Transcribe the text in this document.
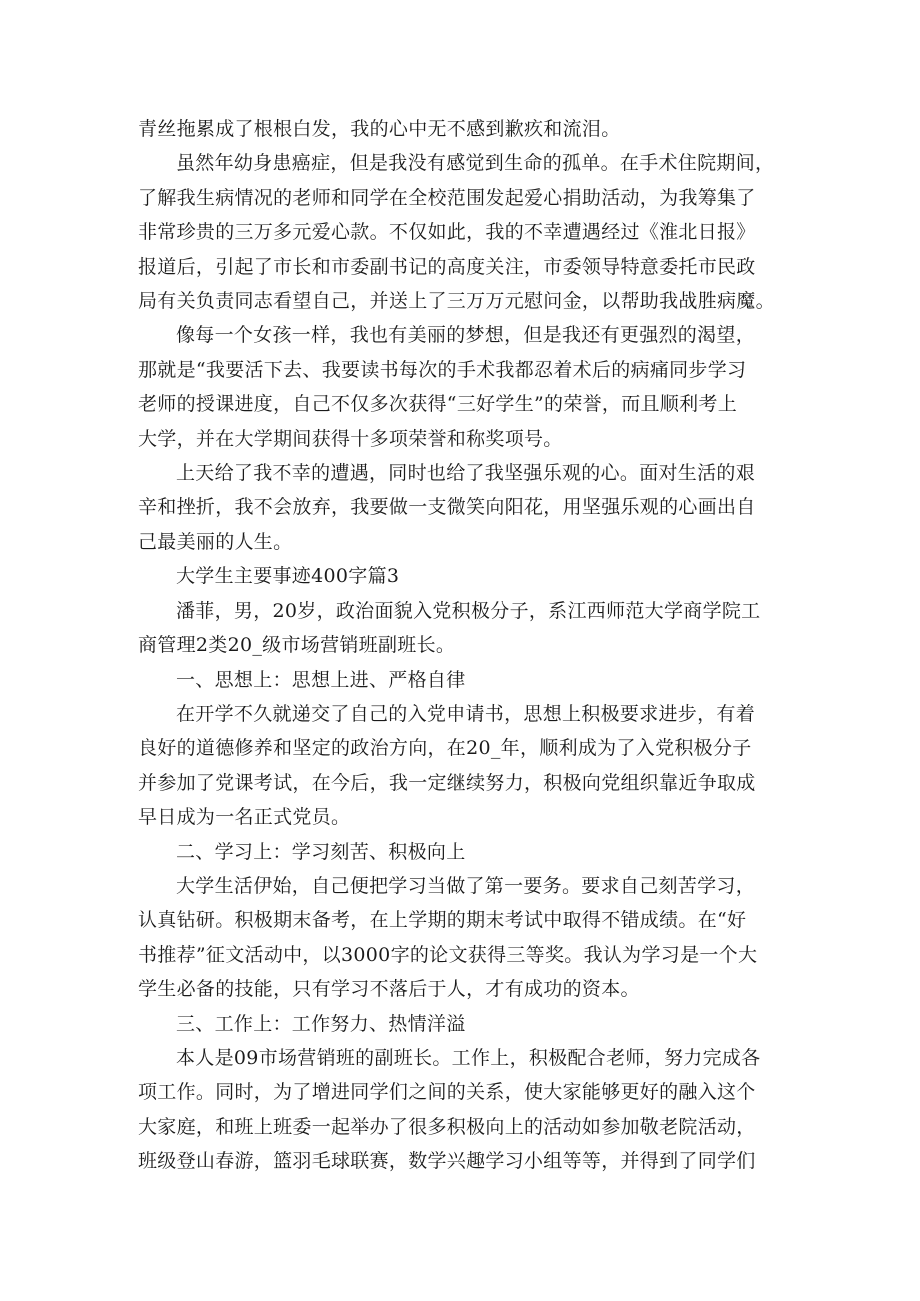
青丝拖累成了根根白发，我的心中无不感到歉疚和流泪。
虽然年幼身患癌症，但是我没有感觉到生命的孤单。在手术住院期间，
了解我生病情况的老师和同学在全校范围发起爱心捐助活动，为我筹集了
非常珍贵的三万多元爱心款。不仅如此，我的不幸遭遇经过《淮北日报》
报道后，引起了市长和市委副书记的高度关注，市委领导特意委托市民政
局有关负责同志看望自己，并送上了三万万元慰问金，以帮助我战胜病魔。
像每一个女孩一样，我也有美丽的梦想，但是我还有更强烈的渴望，
那就是“我要活下去、我要读书每次的手术我都忍着术后的病痛同步学习
老师的授课进度，自己不仅多次获得“三好学生”的荣誉，而且顺利考上
大学，并在大学期间获得十多项荣誉和称奖项号。
上天给了我不幸的遭遇，同时也给了我坚强乐观的心。面对生活的艰
辛和挫折，我不会放弃，我要做一支微笑向阳花，用坚强乐观的心画出自
己最美丽的人生。
大学生主要事迹400字篇3
潘菲，男，20岁，政治面貌入党积极分子，系江西师范大学商学院工
商管理2类20_级市场营销班副班长。
一、思想上：思想上进、严格自律
在开学不久就递交了自己的入党申请书，思想上积极要求进步，有着
良好的道德修养和坚定的政治方向，在20_年，顺利成为了入党积极分子
并参加了党课考试，在今后，我一定继续努力，积极向党组织靠近争取成
早日成为一名正式党员。
二、学习上：学习刻苦、积极向上
大学生活伊始，自己便把学习当做了第一要务。要求自己刻苦学习，
认真钻研。积极期末备考，在上学期的期末考试中取得不错成绩。在“好
书推荐”征文活动中，以3000字的论文获得三等奖。我认为学习是一个大
学生必备的技能，只有学习不落后于人，才有成功的资本。
三、工作上：工作努力、热情洋溢
本人是09市场营销班的副班长。工作上，积极配合老师，努力完成各
项工作。同时，为了增进同学们之间的关系，使大家能够更好的融入这个
大家庭，和班上班委一起举办了很多积极向上的活动如参加敬老院活动，
班级登山春游，篮羽毛球联赛，数学兴趣学习小组等等，并得到了同学们
